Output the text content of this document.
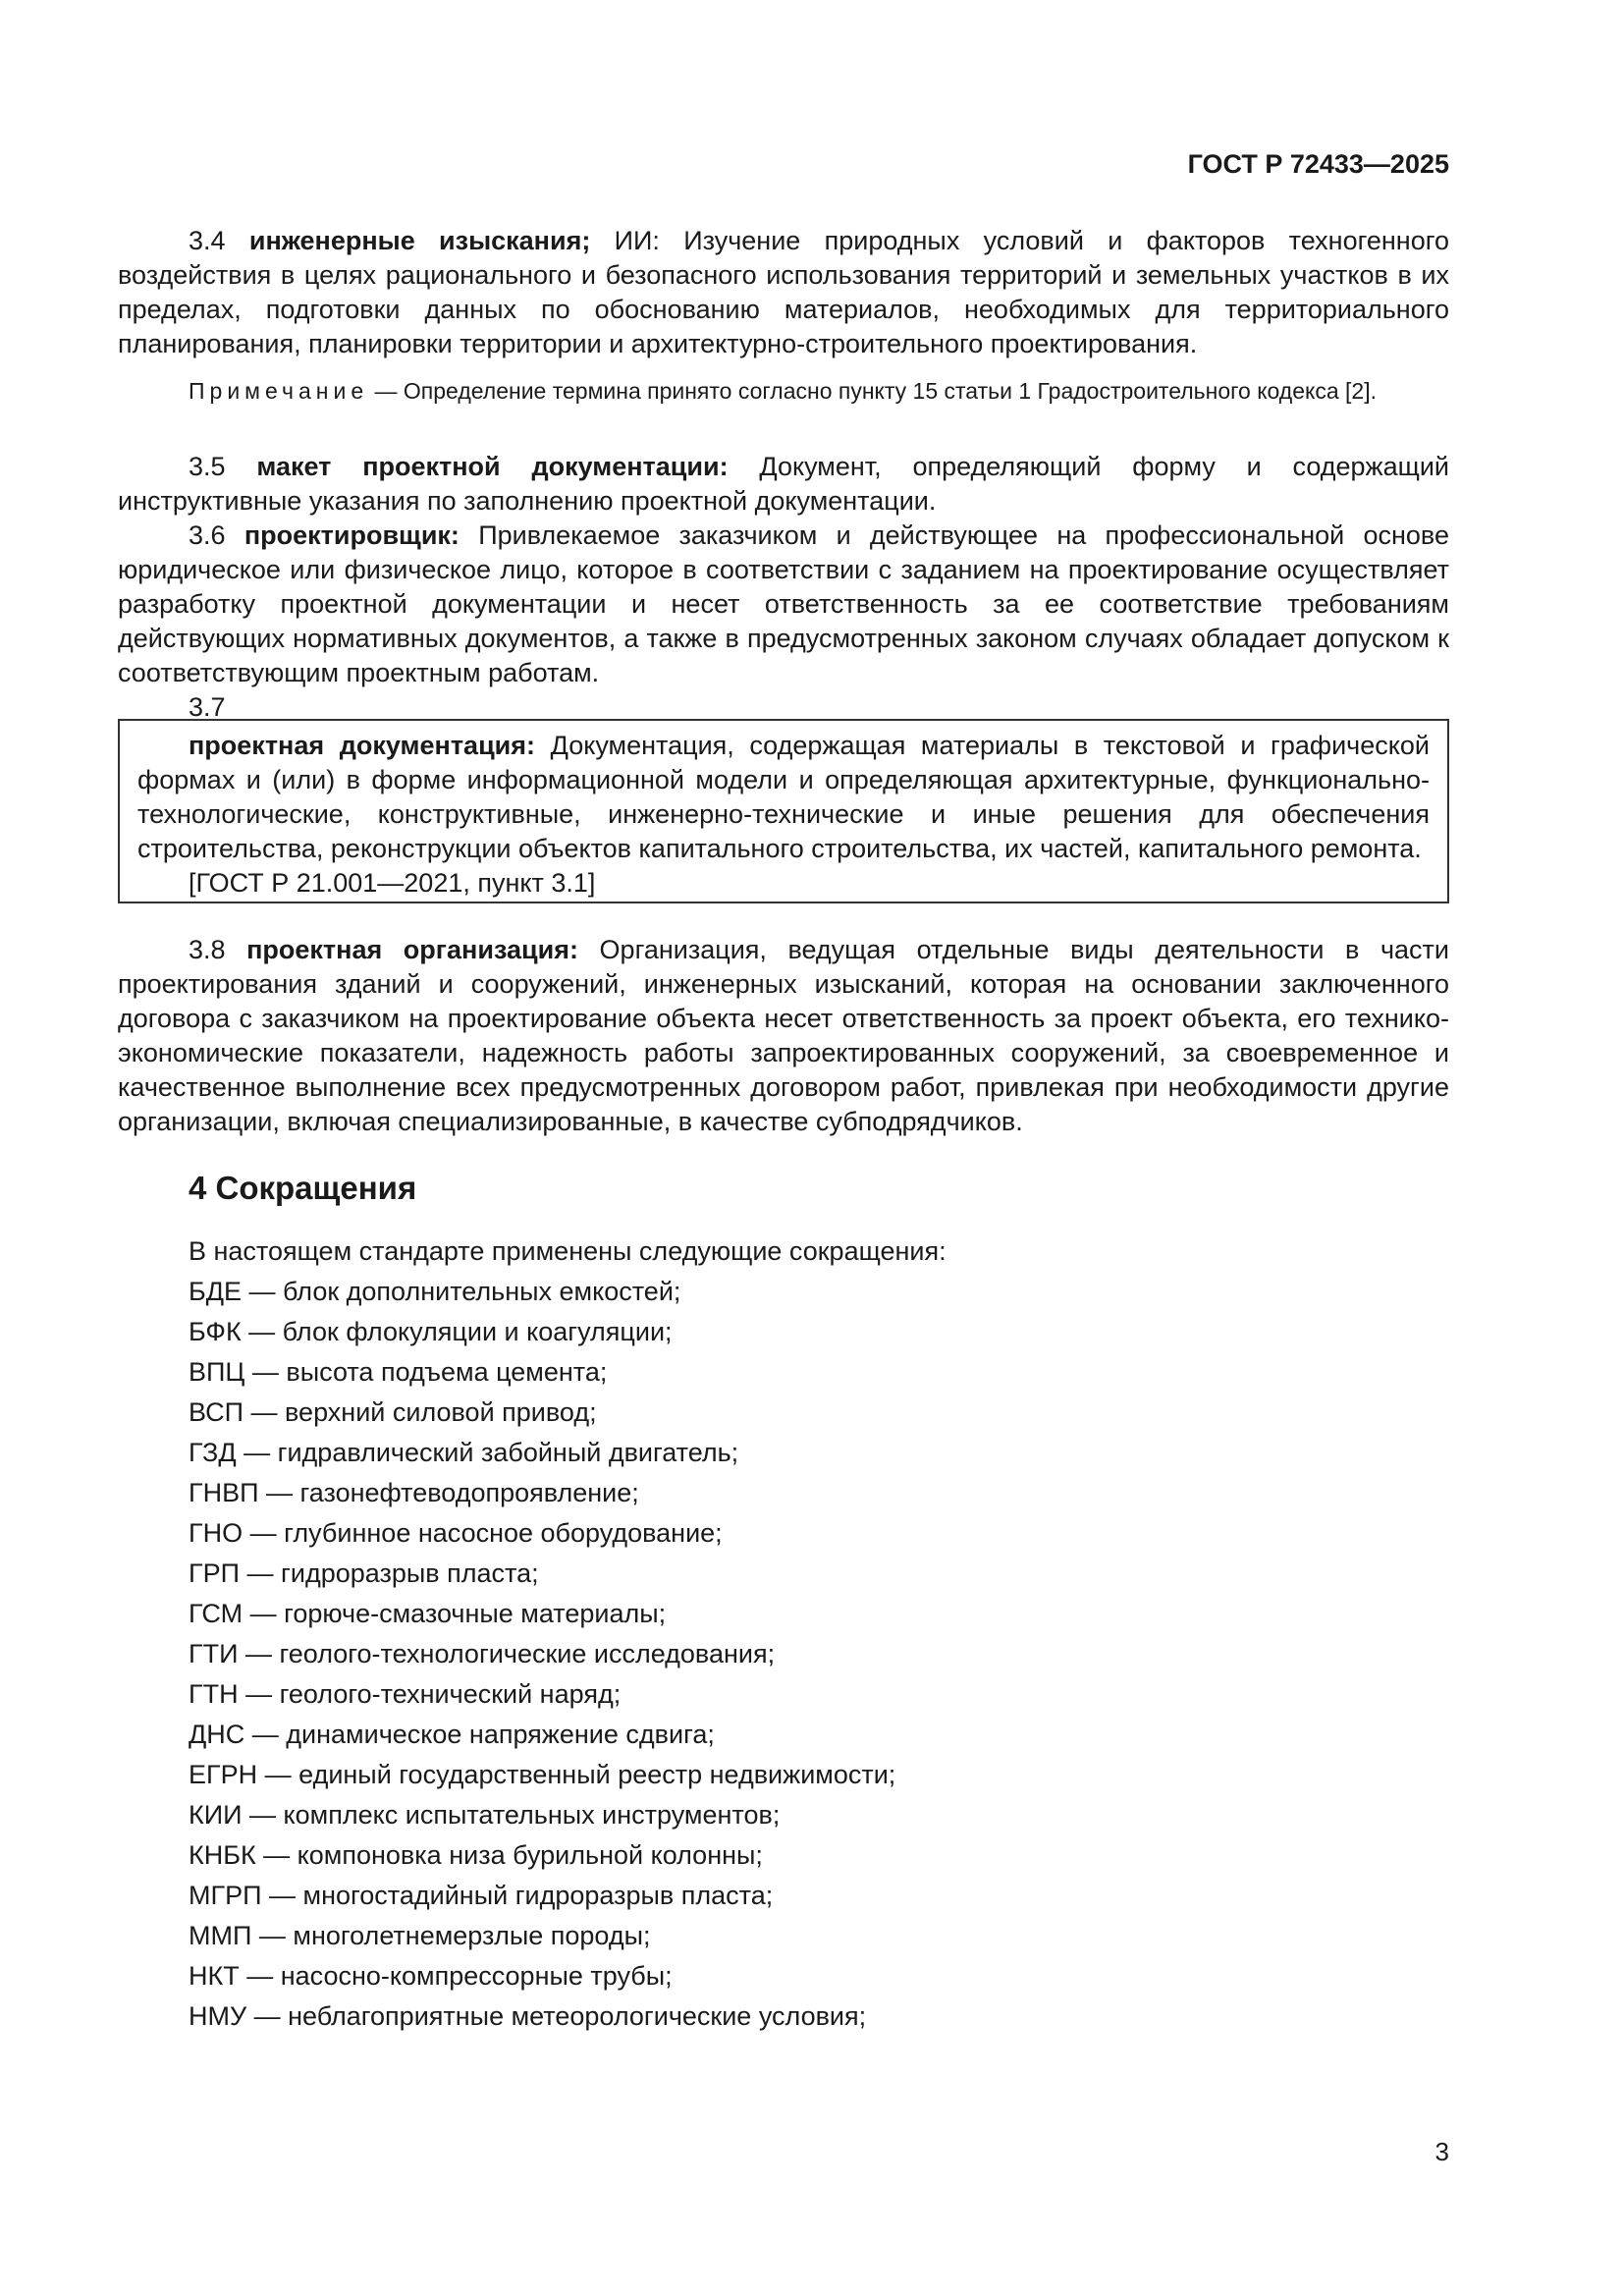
ГОСТ Р 72433—2025

3.4 инженерные изыскания; ИИ: Изучение природных условий и факторов техногенного воздействия в целях рационального и безопасного использования территорий и земельных участков в их пределах, подготовки данных по обоснованию материалов, необходимых для территориального планирования, планировки территории и архитектурно-строительного проектирования.

Примечание — Определение термина принято согласно пункту 15 статьи 1 Градостроительного кодекса [2].

3.5 макет проектной документации: Документ, определяющий форму и содержащий инструктивные указания по заполнению проектной документации.

3.6 проектировщик: Привлекаемое заказчиком и действующее на профессиональной основе юридическое или физическое лицо, которое в соответствии с заданием на проектирование осуществляет разработку проектной документации и несет ответственность за ее соответствие требованиям действующих нормативных документов, а также в предусмотренных законом случаях обладает допуском к соответствующим проектным работам.

3.7

проектная документация: Документация, содержащая материалы в текстовой и графической формах и (или) в форме информационной модели и определяющая архитектурные, функционально-технологические, конструктивные, инженерно-технические и иные решения для обеспечения строительства, реконструкции объектов капитального строительства, их частей, капитального ремонта.

[ГОСТ Р 21.001—2021, пункт 3.1]

3.8 проектная организация: Организация, ведущая отдельные виды деятельности в части проектирования зданий и сооружений, инженерных изысканий, которая на основании заключенного договора с заказчиком на проектирование объекта несет ответственность за проект объекта, его технико-экономические показатели, надежность работы запроектированных сооружений, за своевременное и качественное выполнение всех предусмотренных договором работ, привлекая при необходимости другие организации, включая специализированные, в качестве субподрядчиков.

4 Сокращения
В настоящем стандарте применены следующие сокращения:
БДЕ — блок дополнительных емкостей;
БФК — блок флокуляции и коагуляции;
ВПЦ — высота подъема цемента;
ВСП — верхний силовой привод;
ГЗД — гидравлический забойный двигатель;
ГНВП — газонефтеводопроявление;
ГНО — глубинное насосное оборудование;
ГРП — гидроразрыв пласта;
ГСМ — горюче-смазочные материалы;
ГТИ — геолого-технологические исследования;
ГТН — геолого-технический наряд;
ДНС — динамическое напряжение сдвига;
ЕГРН — единый государственный реестр недвижимости;
КИИ — комплекс испытательных инструментов;
КНБК — компоновка низа бурильной колонны;
МГРП — многостадийный гидроразрыв пласта;
ММП — многолетнемерзлые породы;
НКТ — насосно-компрессорные трубы;
НМУ — неблагоприятные метеорологические условия;
3
